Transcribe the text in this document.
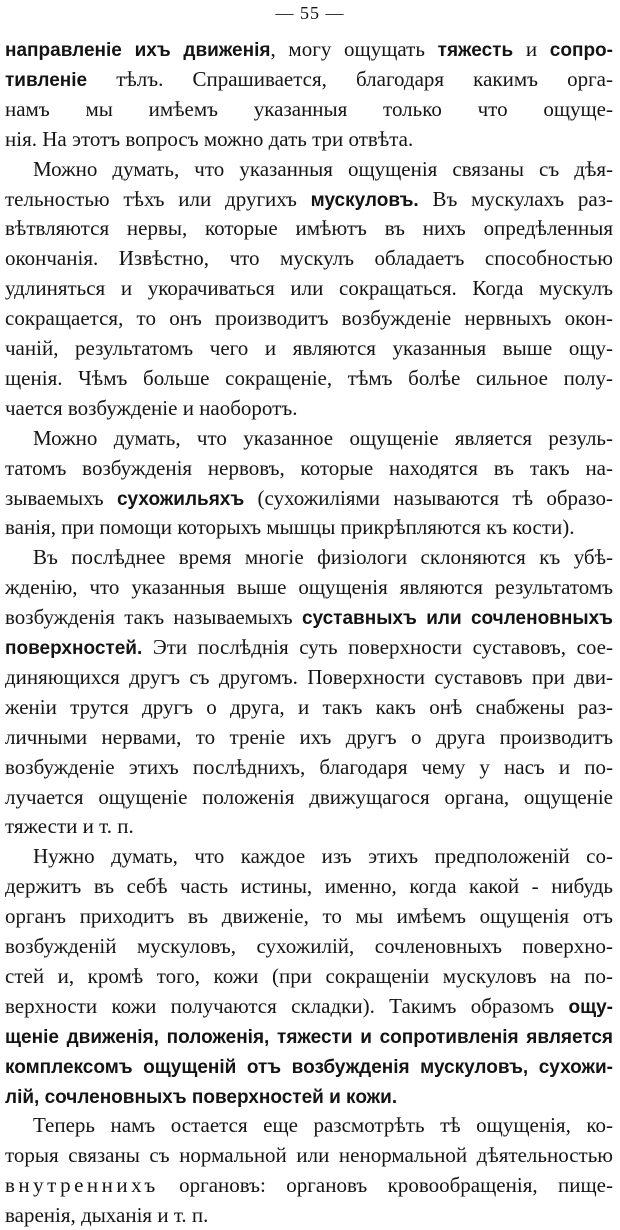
— 55 —
направленіе ихъ движенія, могу ощущать тяжесть и сопро-
тивленіе тѣлъ. Спрашивается, благодаря какимъ орга-
намъ мы имѣемъ указанныя только что ощуще-
нія. На этотъ вопросъ можно дать три отвѣта.
Можно думать, что указанныя ощущенія связаны съ дѣя-
тельностью тѣхъ или другихъ мускуловъ. Въ мускулахъ раз-
вѣтвляются нервы, которые имѣютъ въ нихъ опредѣленныя
окончанія. Извѣстно, что мускулъ обладаетъ способностью
удлиняться и укорачиваться или сокращаться. Когда мускулъ
сокращается, то онъ производитъ возбужденіе нервныхъ окон-
чаній, результатомъ чего и являются указанныя выше ощу-
щенія. Чѣмъ больше сокращеніе, тѣмъ болѣе сильное полу-
чается возбужденіе и наоборотъ.
Можно думать, что указанное ощущеніе является резуль-
татомъ возбужденія нервовъ, которые находятся въ такъ на-
зываемыхъ сухожильяхъ (сухожиліями называются тѣ образо-
ванія, при помощи которыхъ мышцы прикрѣпляются къ кости).
Въ послѣднее время многіе физіологи склоняются къ убѣ-
жденію, что указанныя выше ощущенія являются результатомъ
возбужденія такъ называемыхъ суставныхъ или сочленовныхъ
поверхностей. Эти послѣднія суть поверхности суставовъ, сое-
диняющихся другъ съ другомъ. Поверхности суставовъ при дви-
женіи трутся другъ о друга, и такъ какъ онѣ снабжены раз-
личными нервами, то треніе ихъ другъ о друга производитъ
возбужденіе этихъ послѣднихъ, благодаря чему у насъ и по-
лучается ощущеніе положенія движущагося органа, ощущеніе
тяжести и т. п.
Нужно думать, что каждое изъ этихъ предположеній со-
держитъ въ себѣ часть истины, именно, когда какой - нибудь
органъ приходитъ въ движеніе, то мы имѣемъ ощущенія отъ
возбужденій мускуловъ, сухожилій, сочленовныхъ поверхно-
стей и, кромѣ того, кожи (при сокращеніи мускуловъ на по-
верхности кожи получаются складки). Такимъ образомъ ощу-
щеніе движенія, положенія, тяжести и сопротивленія является
комплексомъ ощущеній отъ возбужденія мускуловъ, сухожи-
лій, сочленовныхъ поверхностей и кожи.
Теперь намъ остается еще разсмотрѣть тѣ ощущенія, ко-
торыя связаны съ нормальной или ненормальной дѣятельностью
внутреннихъ органовъ: органовъ кровообращенія, пище-
варенія, дыханія и т. п.
